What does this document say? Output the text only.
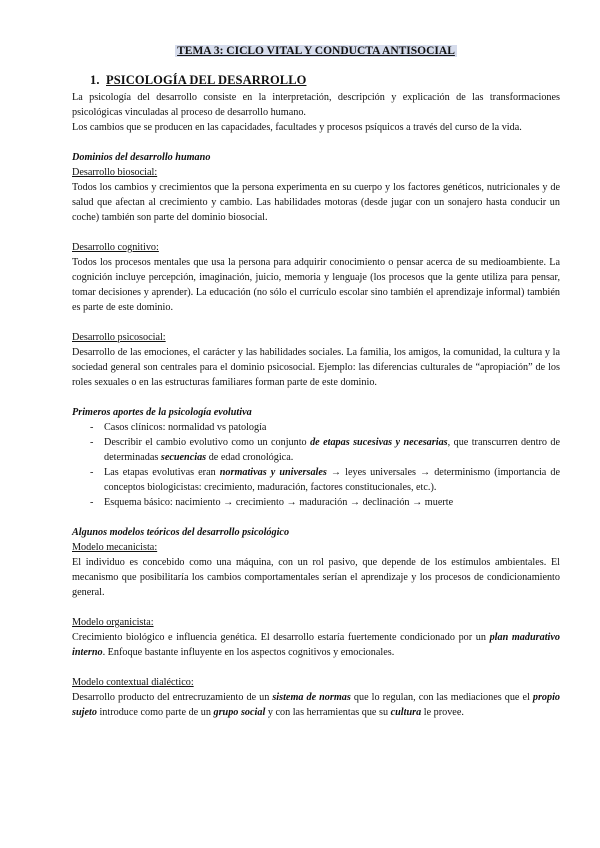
TEMA 3: CICLO VITAL Y CONDUCTA ANTISOCIAL
1. PSICOLOGÍA DEL DESARROLLO

La psicología del desarrollo consiste en la interpretación, descripción y explicación de las transformaciones psicológicas vinculadas al proceso de desarrollo humano.

Los cambios que se producen en las capacidades, facultades y procesos psíquicos a través del curso de la vida.

Dominios del desarrollo humano

Desarrollo biosocial:

Todos los cambios y crecimientos que la persona experimenta en su cuerpo y los factores genéticos, nutricionales y de salud que afectan al crecimiento y cambio. Las habilidades motoras (desde jugar con un sonajero hasta conducir un coche) también son parte del dominio biosocial.

Desarrollo cognitivo:

Todos los procesos mentales que usa la persona para adquirir conocimiento o pensar acerca de su medioambiente. La cognición incluye percepción, imaginación, juicio, memoria y lenguaje (los procesos que la gente utiliza para pensar, tomar decisiones y aprender). La educación (no sólo el currículo escolar sino también el aprendizaje informal) también es parte de este dominio.

Desarrollo psicosocial:

Desarrollo de las emociones, el carácter y las habilidades sociales. La familia, los amigos, la comunidad, la cultura y la sociedad general son centrales para el dominio psicosocial. Ejemplo: las diferencias culturales de “apropiación” de los roles sexuales o en las estructuras familiares forman parte de este dominio.

Primeros aportes de la psicología evolutiva

- Casos clínicos: normalidad vs patología
- Describir el cambio evolutivo como un conjunto de etapas sucesivas y necesarias, que transcurren dentro de determinadas secuencias de edad cronológica.
- Las etapas evolutivas eran normativas y universales → leyes universales → determinismo (importancia de conceptos biologicistas: crecimiento, maduración, factores constitucionales, etc.).
- Esquema básico: nacimiento → crecimiento → maduración → declinación → muerte

Algunos modelos teóricos del desarrollo psicológico

Modelo mecanicista:

El individuo es concebido como una máquina, con un rol pasivo, que depende de los estímulos ambientales. El mecanismo que posibilitaría los cambios comportamentales serían el aprendizaje y los procesos de condicionamiento general.

Modelo organicista:

Crecimiento biológico e influencia genética. El desarrollo estaría fuertemente condicionado por un plan madurativo interno. Enfoque bastante influyente en los aspectos cognitivos y emocionales.

Modelo contextual dialéctico:

Desarrollo producto del entrecruzamiento de un sistema de normas que lo regulan, con las mediaciones que el propio sujeto introduce como parte de un grupo social y con las herramientas que su cultura le provee.
